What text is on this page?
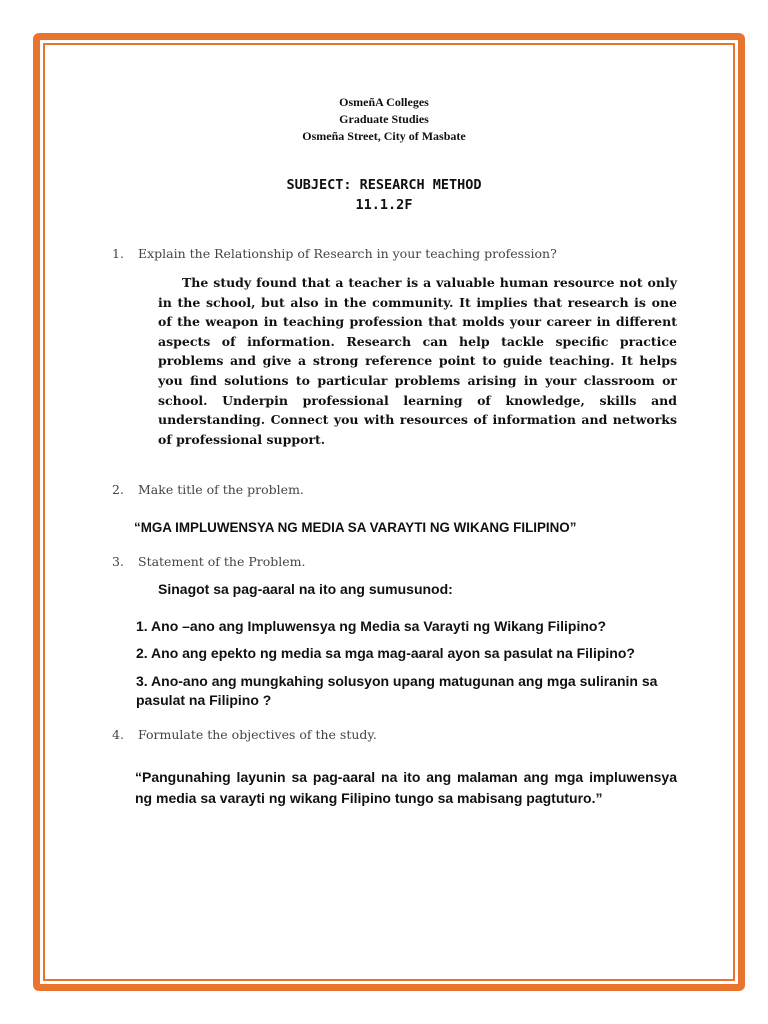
OsmeñA Colleges
Graduate Studies
Osmeña Street, City of Masbate
SUBJECT: RESEARCH METHOD
11.1.2F
1. Explain the Relationship of Research in your teaching profession?
The study found that a teacher is a valuable human resource not only in the school, but also in the community. It implies that research is one of the weapon in teaching profession that molds your career in different aspects of information. Research can help tackle specific practice problems and give a strong reference point to guide teaching. It helps you find solutions to particular problems arising in your classroom or school. Underpin professional learning of knowledge, skills and understanding. Connect you with resources of information and networks of professional support.
2. Make title of the problem.
“MGA IMPLUWENSYA NG MEDIA SA VARAYTI NG WIKANG FILIPINO”
3. Statement of the Problem.
Sinagot sa pag-aaral na ito ang sumusunod:
1. Ano –ano ang Impluwensya ng Media sa Varayti ng Wikang Filipino?
2. Ano ang epekto ng media sa mga mag-aaral ayon sa pasulat na Filipino?
3. Ano-ano ang mungkahing solusyon upang matugunan ang mga suliranin sa pasulat na Filipino ?
4. Formulate the objectives of the study.
“Pangunahing layunin sa pag-aaral na ito ang malaman ang mga impluwensya ng media sa varayti ng wikang Filipino tungo sa mabisang pagtuturo.”
